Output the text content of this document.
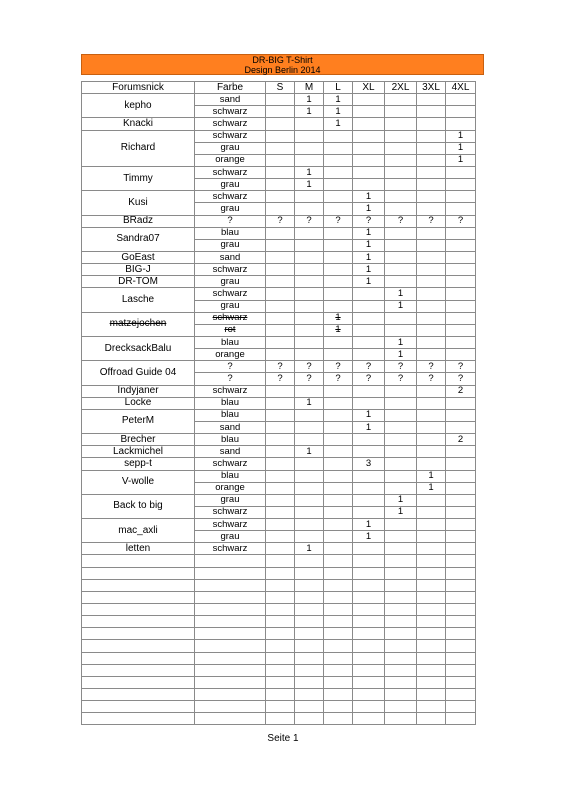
DR-BIG T-Shirt
Design Berlin 2014
Forumsnick	Farbe	S	M	L	XL	2XL	3XL	4XL
kepho	sand		1	1				
	schwarz		1	1				
Knacki	schwarz			1				
Richard	schwarz							1
	grau							1
	orange							1
Timmy	schwarz		1					
	grau		1					
Kusi	schwarz				1			
	grau				1			
BRadz	?	?	?	?	?	?	?	?
Sandra07	blau				1			
	grau				1			
GoEast	sand				1			
BIG-J	schwarz				1			
DR-TOM	grau				1			
Lasche	schwarz					1		
	grau					1		
matzejochen	schwarz			1				
	rot			1				
DrecksackBalu	blau					1		
	orange					1		
Offroad Guide 04	?	?	?	?	?	?	?	?
	?	?	?	?	?	?	?	?
Indyjaner	schwarz							2
Locke	blau		1					
PeterM	blau				1			
	sand				1			
Brecher	blau							2
Lackmichel	sand		1					
sepp-t	schwarz				3			
V-wolle	blau						1	
	orange						1	
Back to big	grau					1		
	schwarz					1		
mac_axli	schwarz				1			
	grau				1			
letten	schwarz		1					

Seite 1
